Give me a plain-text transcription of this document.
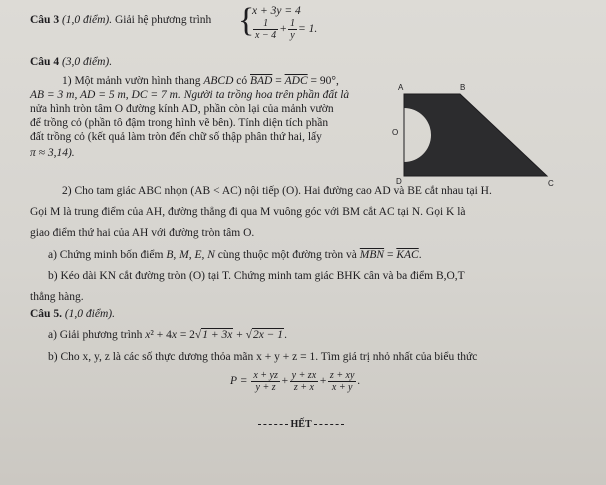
Câu 3 (1,0 điểm). Giải hệ phương trình {
x + 3y = 4
$\frac{1}{x - 4} + \frac{1}{y} = 1$.
Câu 4 (3,0 điểm).
1) Một mảnh vườn hình thang ABCD có $\overline{BAD} = \overline{ADC} = 90^\circ$,
AB = 3 m, AD = 5 m, DC = 7 m. Người ta trồng hoa trên phần đất là
nửa hình tròn tâm O đường kính AD, phần còn lại của mảnh vườn
để trồng cỏ (phần tô đậm trong hình vẽ bên). Tính diện tích phần
đất trồng cỏ (kết quả làm tròn đến chữ số thập phân thứ hai, lấy
π ≈ 3,14).
A	B
O
D	C
2) Cho tam giác ABC nhọn (AB < AC) nội tiếp (O). Hai đường cao AD và BE cắt nhau tại H.
Gọi M là trung điểm của AH, đường thẳng đi qua M vuông góc với BM cắt AC tại N. Gọi K là
giao điểm thứ hai của AH với đường tròn tâm O.
a) Chứng minh bốn điểm B, M, E, N cùng thuộc một đường tròn và $\overline{MBN} = \overline{KAC}$.
b) Kéo dài KN cắt đường tròn (O) tại T. Chứng minh tam giác BHK cân và ba điểm B,O,T
thẳng hàng.
Câu 5. (1,0 điểm).
a) Giải phương trình x² + 4x = 2√1 + 3x + √2x − 1.
b) Cho x, y, z là các số thực dương thỏa mãn x + y + z = 1. Tìm giá trị nhỏ nhất của biểu thức
$P = \frac{x + yz}{y + z} + \frac{y + zx}{z + x} + \frac{z + xy}{x + y}$ .
HẾT
